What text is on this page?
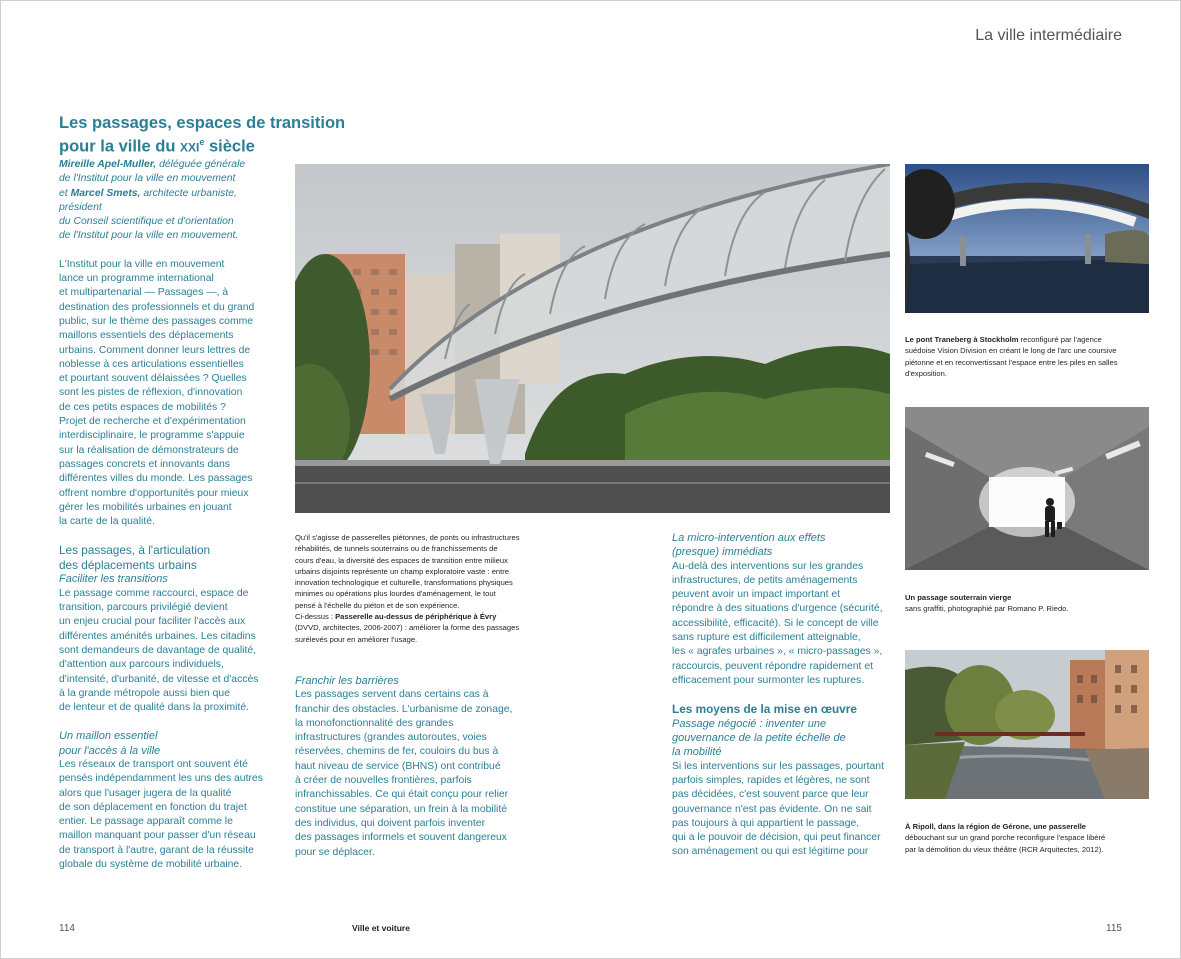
La ville intermédiaire
Les passages, espaces de transition
pour la ville du xxi$^e$ siècle

Mireille Apel-Muller, déléguée générale

de l'Institut pour la ville en mouvement

et Marcel Smets, architecte urbaniste, président

du Conseil scientifique et d'orientation

de l'Institut pour la ville en mouvement.

L'Institut pour la ville en mouvement

lance un programme international

et multipartenarial — Passages —, à

destination des professionnels et du grand

public, sur le thème des passages comme

maillons essentiels des déplacements

urbains. Comment donner leurs lettres de

noblesse à ces articulations essentielles

et pourtant souvent délaissées ? Quelles

sont les pistes de réflexion, d'innovation

de ces petits espaces de mobilités ?

Projet de recherche et d'expérimentation

interdisciplinaire, le programme s'appuie

sur la réalisation de démonstrateurs de

passages concrets et innovants dans

différentes villes du monde. Les passages

offrent nombre d'opportunités pour mieux

gérer les mobilités urbaines en jouant

la carte de la qualité.

Les passages, à l'articulation

des déplacements urbains

Faciliter les transitions

Le passage comme raccourci, espace de

transition, parcours privilégié devient

un enjeu crucial pour faciliter l'accès aux

différentes aménités urbaines. Les citadins

sont demandeurs de davantage de qualité,

d'attention aux parcours individuels,

d'intensité, d'urbanité, de vitesse et d'accès

à la grande métropole aussi bien que

de lenteur et de qualité dans la proximité.

Un maillon essentiel

pour l'accès à la ville

Les réseaux de transport ont souvent été

pensés indépendamment les uns des autres

alors que l'usager jugera de la qualité

de son déplacement en fonction du trajet

entier. Le passage apparaît comme le

maillon manquant pour passer d'un réseau

de transport à l'autre, garant de la réussite

globale du système de mobilité urbaine.

Qu'il s'agisse de passerelles piétonnes, de ponts ou infrastructures

réhabilités, de tunnels souterrains ou de franchissements de

cours d'eau, la diversité des espaces de transition entre milieux

urbains disjoints représente un champ exploratoire vaste : entre

innovation technologique et culturelle, transformations physiques

minimes ou opérations plus lourdes d'aménagement, le tout

pensé à l'échelle du piéton et de son expérience.

Ci-dessus : Passerelle au-dessus de périphérique à Évry

(DVVD, architectes, 2006-2007) : améliorer la forme des passages

surélevés pour en améliorer l'usage.

Franchir les barrières

Les passages servent dans certains cas à

franchir des obstacles. L'urbanisme de zonage,

la monofonctionnalité des grandes

infrastructures (grandes autoroutes, voies

réservées, chemins de fer, couloirs du bus à

haut niveau de service (BHNS) ont contribué

à créer de nouvelles frontières, parfois

infranchissables. Ce qui était conçu pour relier

constitue une séparation, un frein à la mobilité

des individus, qui doivent parfois inventer

des passages informels et souvent dangereux

pour se déplacer.

La micro-intervention aux effets

(presque) immédiats

Au-delà des interventions sur les grandes

infrastructures, de petits aménagements

peuvent avoir un impact important et

répondre à des situations d'urgence (sécurité,

accessibilité, efficacité). Si le concept de ville

sans rupture est difficilement atteignable,

les « agrafes urbaines », « micro-passages »,

raccourcis, peuvent répondre rapidement et

efficacement pour surmonter les ruptures.

Les moyens de la mise en œuvre

Passage négocié : inventer une

gouvernance de la petite échelle de

la mobilité

Si les interventions sur les passages, pourtant

parfois simples, rapides et légères, ne sont

pas décidées, c'est souvent parce que leur

gouvernance n'est pas évidente. On ne sait

pas toujours à qui appartient le passage,

qui a le pouvoir de décision, qui peut financer

son aménagement ou qui est légitime pour

Le pont Traneberg à Stockholm reconfiguré par l'agence

suédoise Vision Division en créant le long de l'arc une coursive

piétonne et en reconvertissant l'espace entre les piles en salles

d'exposition.

Un passage souterrain vierge

sans graffiti, photographié par Romano P. Riedo.

À Ripoll, dans la région de Gérone, une passerelle

débouchant sur un grand porche reconfigure l'espace libéré

par la démolition du vieux théâtre (RCR Arquitectes, 2012).

114	Ville et voiture	115
